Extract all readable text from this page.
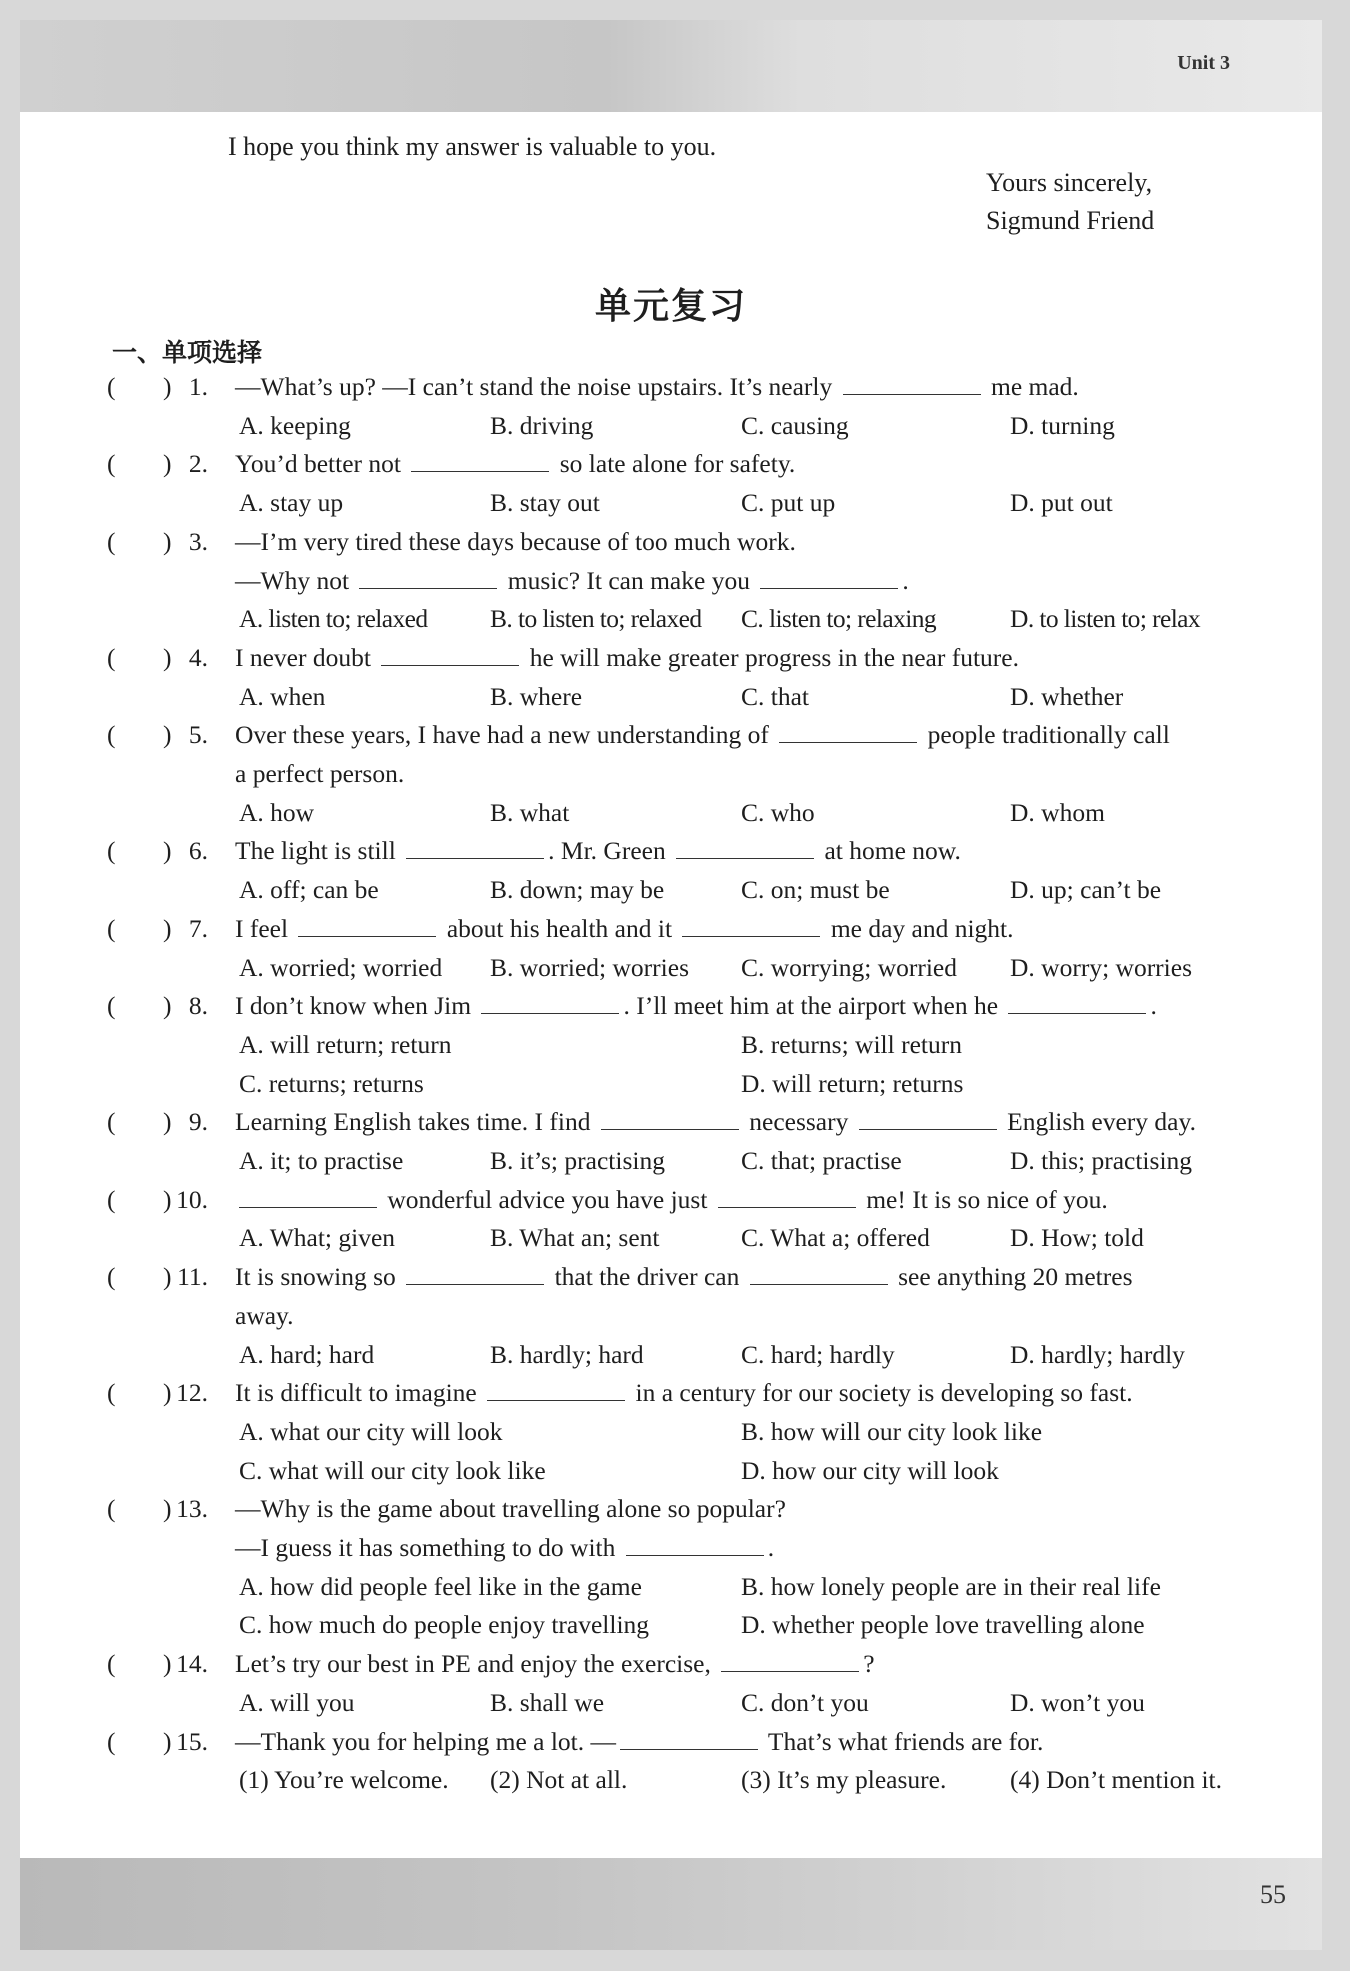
Unit 3
I hope you think my answer is valuable to you.
Yours sincerely,
Sigmund Friend
单元复习
一、单项选择
( ) 1. —What’s up? —I can’t stand the noise upstairs. It’s nearly	me mad.
A. keeping	B. driving	C. causing	D. turning
( ) 2. You’d better not	so late alone for safety.
A. stay up	B. stay out	C. put up	D. put out
( ) 3. —I’m very tired these days because of too much work.
—Why not	music? It can make you	.
A. listen to; relaxed B. to listen to; relaxed C. listen to; relaxing	D. to listen to; relax
( ) 4. I never doubt	he will make greater progress in the near future.
A. when	B. where	C. that	D. whether
( ) 5. Over these years, I have had a new understanding of	people traditionally call
a perfect person.
A. how	B. what	C. who	D. whom
( ) 6. The light is still	. Mr. Green	at home now.
A. off; can be	B. down; may be	C. on; must be	D. up; can’t be
( ) 7. I feel	about his health and it	me day and night.
A. worried; worried B. worried; worries C. worrying; worried D. worry; worries
( ) 8. I don’t know when Jim	. I’ll meet him at the airport when he	.
A. will return; return	B. returns; will return
C. returns; returns	D. will return; returns
( ) 9. Learning English takes time. I find	necessary	English every day.
A. it; to practise	B. it’s; practising	C. that; practise	D. this; practising
( ) 10.	wonderful advice you have just	me! It is so nice of you.
A. What; given	B. What an; sent	C. What a; offered	D. How; told
( ) 11. It is snowing so	that the driver can	see anything 20 metres
away.
A. hard; hard	B. hardly; hard	C. hard; hardly	D. hardly; hardly
( ) 12. It is difficult to imagine	in a century for our society is developing so fast.
A. what our city will look	B. how will our city look like
C. what will our city look like	D. how our city will look
( ) 13. —Why is the game about travelling alone so popular?
—I guess it has something to do with	.
A. how did people feel like in the game	B. how lonely people are in their real life
C. how much do people enjoy travelling	D. whether people love travelling alone
( ) 14. Let’s try our best in PE and enjoy the exercise,	?
A. will you	B. shall we	C. don’t you	D. won’t you
( ) 15. —Thank you for helping me a lot. —	That’s what friends are for.
(1) You’re welcome. (2) Not at all.	(3) It’s my pleasure. (4) Don’t mention it.
55
